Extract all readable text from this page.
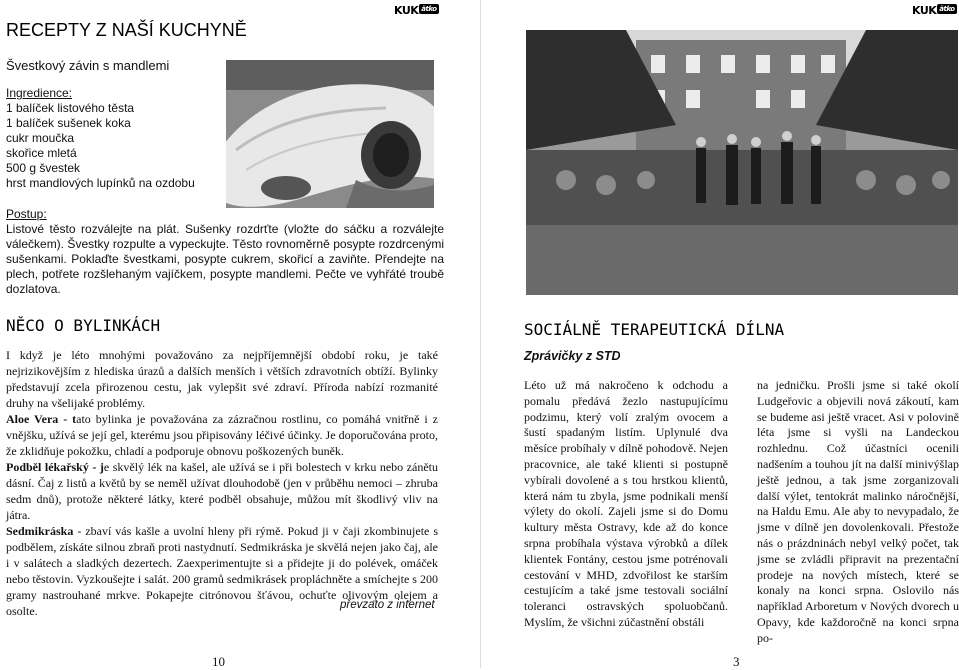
KUK ätko
RECEPTY Z NAŠÍ KUCHYNĚ
Švestkový závin s mandlemi
Ingredience:
1 balíček listového těsta
1 balíček sušenek koka
cukr moučka
skořice mletá
500 g švestek
hrst mandlových lupínků na ozdobu
Postup:

Listové těsto rozválejte na plát. Sušenky rozdrťte (vložte do sáčku a rozválejte válečkem). Švestky rozpulte a vypeckujte. Těsto rovnoměrně posypte rozdrcenými sušenkami. Poklaďte švestkami, posypte cukrem, skořicí a zaviňte. Přendejte na plech, potřete rozšlehaným vajíčkem, posypte mandlemi. Pečte ve vyhřáté troubě dozlatova.

NĚCO O BYLINKÁCH

I když je léto mnohými považováno za nejpříjemnější období roku, je také nejrizikovějším z hlediska úrazů a dalších menších i větších zdravotních obtíží. Bylinky představují zcela přirozenou cestu, jak vylepšit své zdraví. Příroda nabízí rozmanité druhy na všelijaké problémy.

Aloe Vera - tato bylinka je považována za zázračnou rostlinu, co pomáhá vnitřně i z vnějšku, užívá se její gel, kterému jsou připisovány léčivé účinky. Je doporučována proto, že zklidňuje pokožku, chladí a podporuje obnovu poškozených buněk.

Podběl lékařský - je skvělý lék na kašel, ale užívá se i při bolestech v krku nebo zánětu dásní. Čaj z listů a květů by se neměl užívat dlouhodobě (jen v průběhu nemoci – zhruba sedm dnů), protože některé látky, které podběl obsahuje, můžou mít škodlivý vliv na játra.

Sedmikráska - zbaví vás kašle a uvolní hleny při rýmě. Pokud ji v čaji zkombinujete s podbělem, získáte silnou zbraň proti nastydnutí. Sedmikráska je skvělá nejen jako čaj, ale i v salátech a sladkých dezertech. Zaexperimentujte si a přidejte ji do polévek, omáček nebo těstovin. Vyzkoušejte i salát. 200 gramů sedmikrásek propláchněte a smíchejte s 200 gramy nastrouhané mrkve. Pokapejte citrónovou šťávou, ochuťte olivovým olejem a osolte.	převzato z internet
10
KUK ätko
SOCIÁLNĚ TERAPEUTICKÁ DÍLNA
Zprávičky z STD

Léto už má nakročeno k odchodu a pomalu předává žezlo nastupujícímu podzimu, který volí zralým ovocem a šustí spadaným listím. Uplynulé dva měsíce probíhaly v dílně pohodově. Nejen pracovnice, ale také klienti si postupně vybírali dovolené a s tou hrstkou klientů, která nám tu zbyla, jsme podnikali menší výlety do okolí. Zajeli jsme si do Domu kultury města Ostravy, kde až do konce srpna probíhala výstava výrobků a dílek klientek Fontány, cestou jsme potrénovali cestování v MHD, zdvořilost ke starším cestujícím a také jsme testovali sociální toleranci ostravských spoluobčanů. Myslím, že všichni zúčastnění obstáli

na jedničku. Prošli jsme si také okolí Ludgeřovic a objevili nová zákoutí, kam se budeme asi ještě vracet. Asi v polovině léta jsme si vyšli na Landeckou rozhlednu. Což účastníci ocenili nadšením a touhou jít na další minivýšlap ještě jednou, a tak jsme zorganizovali další výlet, tentokrát malinko náročnější, na Haldu Emu. Ale aby to nevypadalo, že jsme v dílně jen dovolenkovali. Přestože nás o prázdninách nebyl velký počet, tak jsme se zvládli připravit na prezentační prodeje na nových místech, které se konaly na konci srpna. Oslovilo nás například Arboretum v Nových dvorech u Opavy, kde každoročně na konci srpna po-

3
